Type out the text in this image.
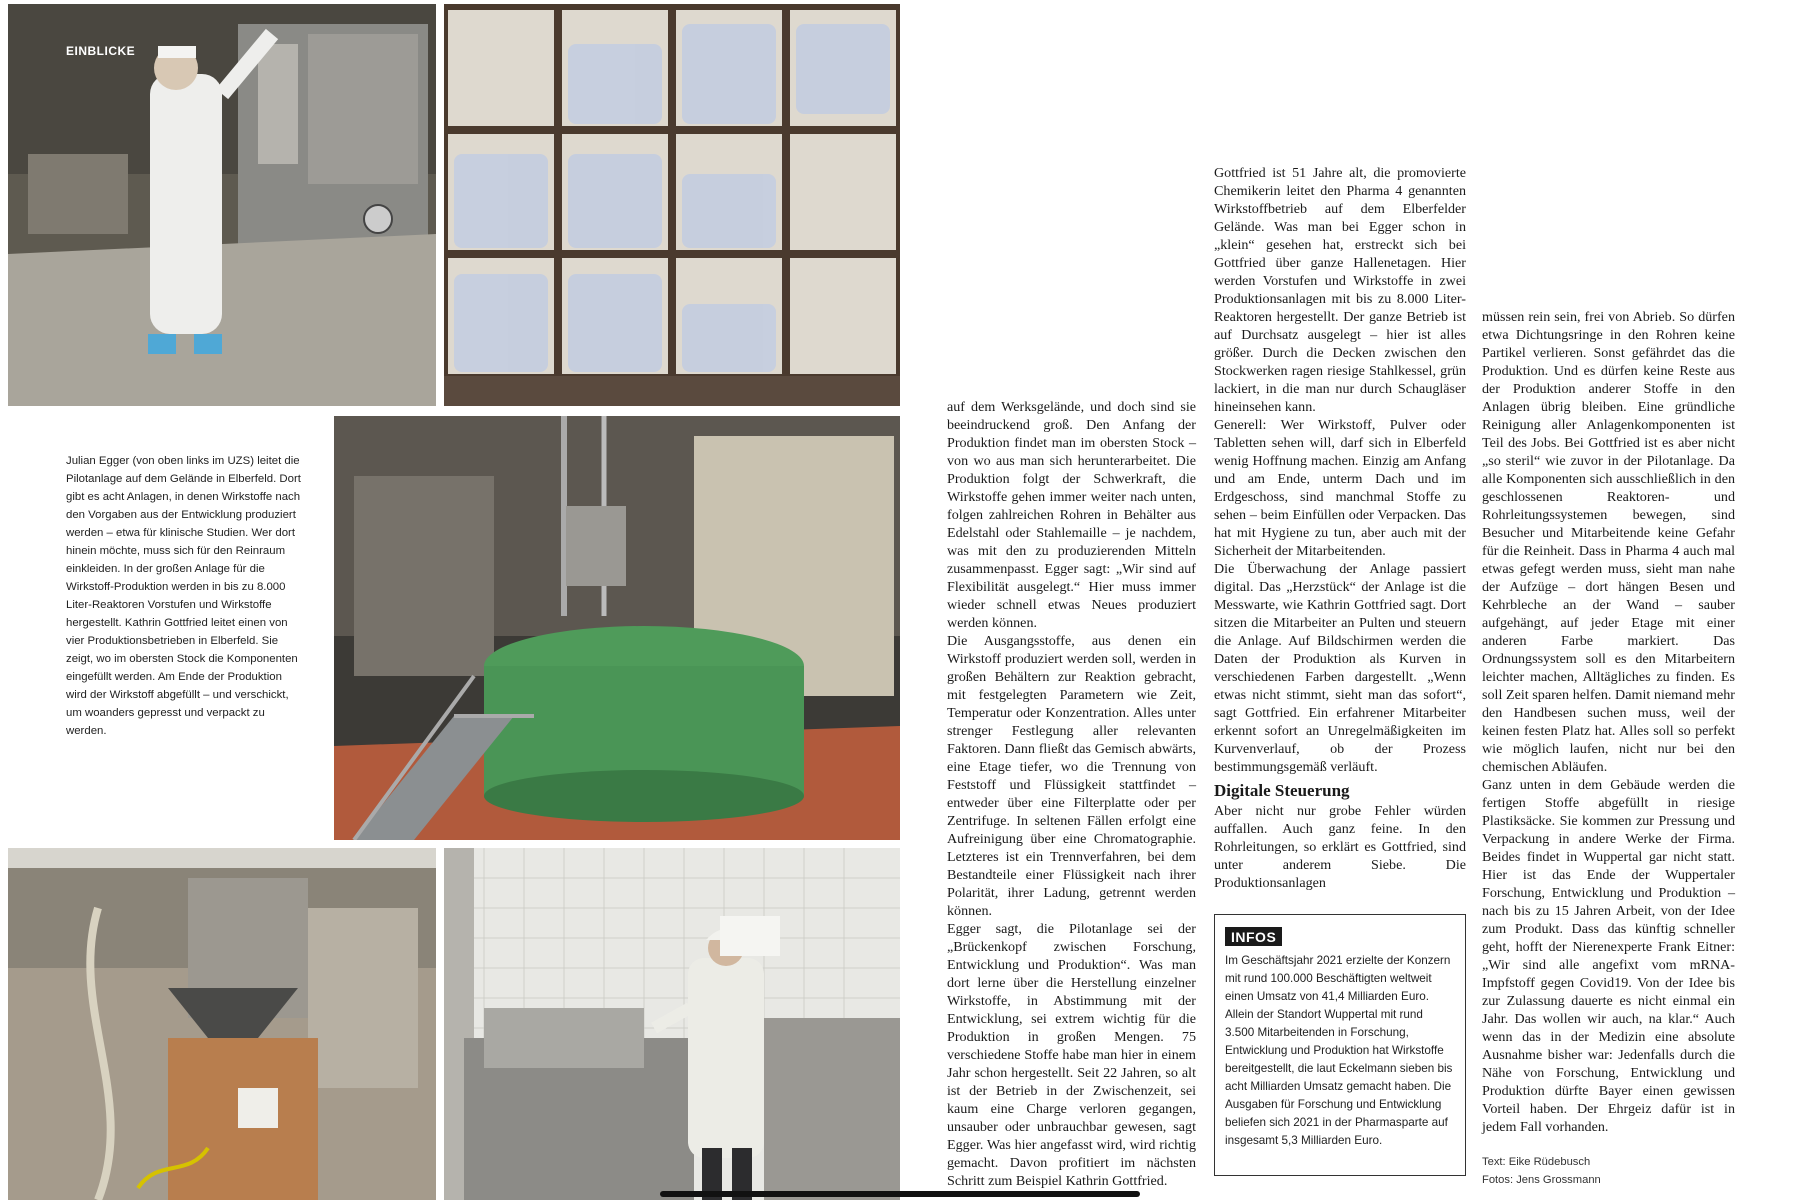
EINBLICKE
Julian Egger (von oben links im UZS) leitet die Pilotanlage auf dem Gelände in Elberfeld. Dort gibt es acht Anlagen, in denen Wirkstoffe nach den Vorgaben aus der Entwicklung produziert werden – etwa für klinische Studien. Wer dort hinein möchte, muss sich für den Reinraum einkleiden. In der großen Anlage für die Wirkstoff-Produktion werden in bis zu 8.000 Liter-Reaktoren Vorstufen und Wirkstoffe hergestellt. Kathrin Gottfried leitet einen von vier Produktionsbetrieben in Elberfeld. Sie zeigt, wo im obersten Stock die Komponenten eingefüllt werden. Am Ende der Produktion wird der Wirkstoff abgefüllt – und verschickt, um woanders gepresst und verpackt zu werden.

auf dem Werksgelände, und doch sind sie beeindruckend groß. Den Anfang der Produktion findet man im obersten Stock – von wo aus man sich herunterarbeitet. Die Produktion folgt der Schwerkraft, die Wirkstoffe gehen immer weiter nach unten, folgen zahlreichen Rohren in Behälter aus Edelstahl oder Stahlemaille – je nachdem, was mit den zu produzierenden Mitteln zusammenpasst. Egger sagt: „Wir sind auf Flexibilität ausgelegt.“ Hier muss immer wieder schnell etwas Neues produziert werden können.

Die Ausgangsstoffe, aus denen ein Wirkstoff produziert werden soll, werden in großen Behältern zur Reaktion gebracht, mit festgelegten Parametern wie Zeit, Temperatur oder Konzentration. Alles unter strenger Festlegung aller relevanten Faktoren. Dann fließt das Gemisch abwärts, eine Etage tiefer, wo die Trennung von Feststoff und Flüssigkeit stattfindet – entweder über eine Filterplatte oder per Zentrifuge. In seltenen Fällen erfolgt eine Aufreinigung über eine Chromatographie. Letzteres ist ein Trennverfahren, bei dem Bestandteile einer Flüssigkeit nach ihrer Polarität, ihrer Ladung, getrennt werden können.

Egger sagt, die Pilotanlage sei der „Brückenkopf zwischen Forschung, Entwicklung und Produktion“. Was man dort lerne über die Herstellung einzelner Wirkstoffe, in Abstimmung mit der Entwicklung, sei extrem wichtig für die Produktion in großen Mengen. 75 verschiedene Stoffe habe man hier in einem Jahr schon hergestellt. Seit 22 Jahren, so alt ist der Betrieb in der Zwischenzeit, sei kaum eine Charge verloren gegangen, unsauber oder unbrauchbar gewesen, sagt Egger. Was hier angefasst wird, wird richtig gemacht. Davon profitiert im nächsten Schritt zum Beispiel Kathrin Gottfried.

Gottfried ist 51 Jahre alt, die promovierte Chemikerin leitet den Pharma 4 genannten Wirkstoffbetrieb auf dem Elberfelder Gelände. Was man bei Egger schon in „klein“ gesehen hat, erstreckt sich bei Gottfried über ganze Hallenetagen. Hier werden Vorstufen und Wirkstoffe in zwei Produktionsanlagen mit bis zu 8.000 Liter-Reaktoren hergestellt. Der ganze Betrieb ist auf Durchsatz ausgelegt – hier ist alles größer. Durch die Decken zwischen den Stockwerken ragen riesige Stahlkessel, grün lackiert, in die man nur durch Schaugläser hineinsehen kann.

Generell: Wer Wirkstoff, Pulver oder Tabletten sehen will, darf sich in Elberfeld wenig Hoffnung machen. Einzig am Anfang und am Ende, unterm Dach und im Erdgeschoss, sind manchmal Stoffe zu sehen – beim Einfüllen oder Verpacken. Das hat mit Hygiene zu tun, aber auch mit der Sicherheit der Mitarbeitenden.

Die Überwachung der Anlage passiert digital. Das „Herzstück“ der Anlage ist die Messwarte, wie Kathrin Gottfried sagt. Dort sitzen die Mitarbeiter an Pulten und steuern die Anlage. Auf Bildschirmen werden die Daten der Produktion als Kurven in verschiedenen Farben dargestellt. „Wenn etwas nicht stimmt, sieht man das sofort“, sagt Gottfried. Ein erfahrener Mitarbeiter erkennt sofort an Unregelmäßigkeiten im Kurvenverlauf, ob der Prozess bestimmungsgemäß verläuft.

Digitale Steuerung

Aber nicht nur grobe Fehler würden auffallen. Auch ganz feine. In den Rohrleitungen, so erklärt es Gottfried, sind unter anderem Siebe. Die Produktionsanlagen

INFOS
Im Geschäftsjahr 2021 erzielte der Konzern mit rund 100.000 Beschäftigten weltweit einen Umsatz von 41,4 Milliarden Euro. Allein der Standort Wuppertal mit rund 3.500 Mitarbeitenden in Forschung, Entwicklung und Produktion hat Wirkstoffe bereitgestellt, die laut Eckelmann sieben bis acht Milliarden Umsatz gemacht haben. Die Ausgaben für Forschung und Entwicklung beliefen sich 2021 in der Pharmasparte auf insgesamt 5,3 Milliarden Euro.

müssen rein sein, frei von Abrieb. So dürfen etwa Dichtungsringe in den Rohren keine Partikel verlieren. Sonst gefährdet das die Produktion. Und es dürfen keine Reste aus der Produktion anderer Stoffe in den Anlagen übrig bleiben. Eine gründliche Reinigung aller Anlagenkomponenten ist Teil des Jobs. Bei Gottfried ist es aber nicht „so steril“ wie zuvor in der Pilotanlage. Da alle Komponenten sich ausschließlich in den geschlossenen Reaktoren- und Rohrleitungssystemen bewegen, sind Besucher und Mitarbeitende keine Gefahr für die Reinheit. Dass in Pharma 4 auch mal etwas gefegt werden muss, sieht man nahe der Aufzüge – dort hängen Besen und Kehrbleche an der Wand – sauber aufgehängt, auf jeder Etage mit einer anderen Farbe markiert. Das Ordnungssystem soll es den Mitarbeitern leichter machen, Alltägliches zu finden. Es soll Zeit sparen helfen. Damit niemand mehr den Handbesen suchen muss, weil der keinen festen Platz hat. Alles soll so perfekt wie möglich laufen, nicht nur bei den chemischen Abläufen.

Ganz unten in dem Gebäude werden die fertigen Stoffe abgefüllt in riesige Plastiksäcke. Sie kommen zur Pressung und Verpackung in andere Werke der Firma. Beides findet in Wuppertal gar nicht statt. Hier ist das Ende der Wuppertaler Forschung, Entwicklung und Produktion – nach bis zu 15 Jahren Arbeit, von der Idee zum Produkt. Dass das künftig schneller geht, hofft der Nierenexperte Frank Eitner: „Wir sind alle angefixt vom mRNA-Impfstoff gegen Covid19. Von der Idee bis zur Zulassung dauerte es nicht einmal ein Jahr. Das wollen wir auch, na klar.“ Auch wenn das in der Medizin eine absolute Ausnahme bisher war: Jedenfalls durch die Nähe von Forschung, Entwicklung und Produktion dürfte Bayer einen gewissen Vorteil haben. Der Ehrgeiz dafür ist in jedem Fall vorhanden.

Text: Eike Rüdebusch
Fotos: Jens Grossmann
